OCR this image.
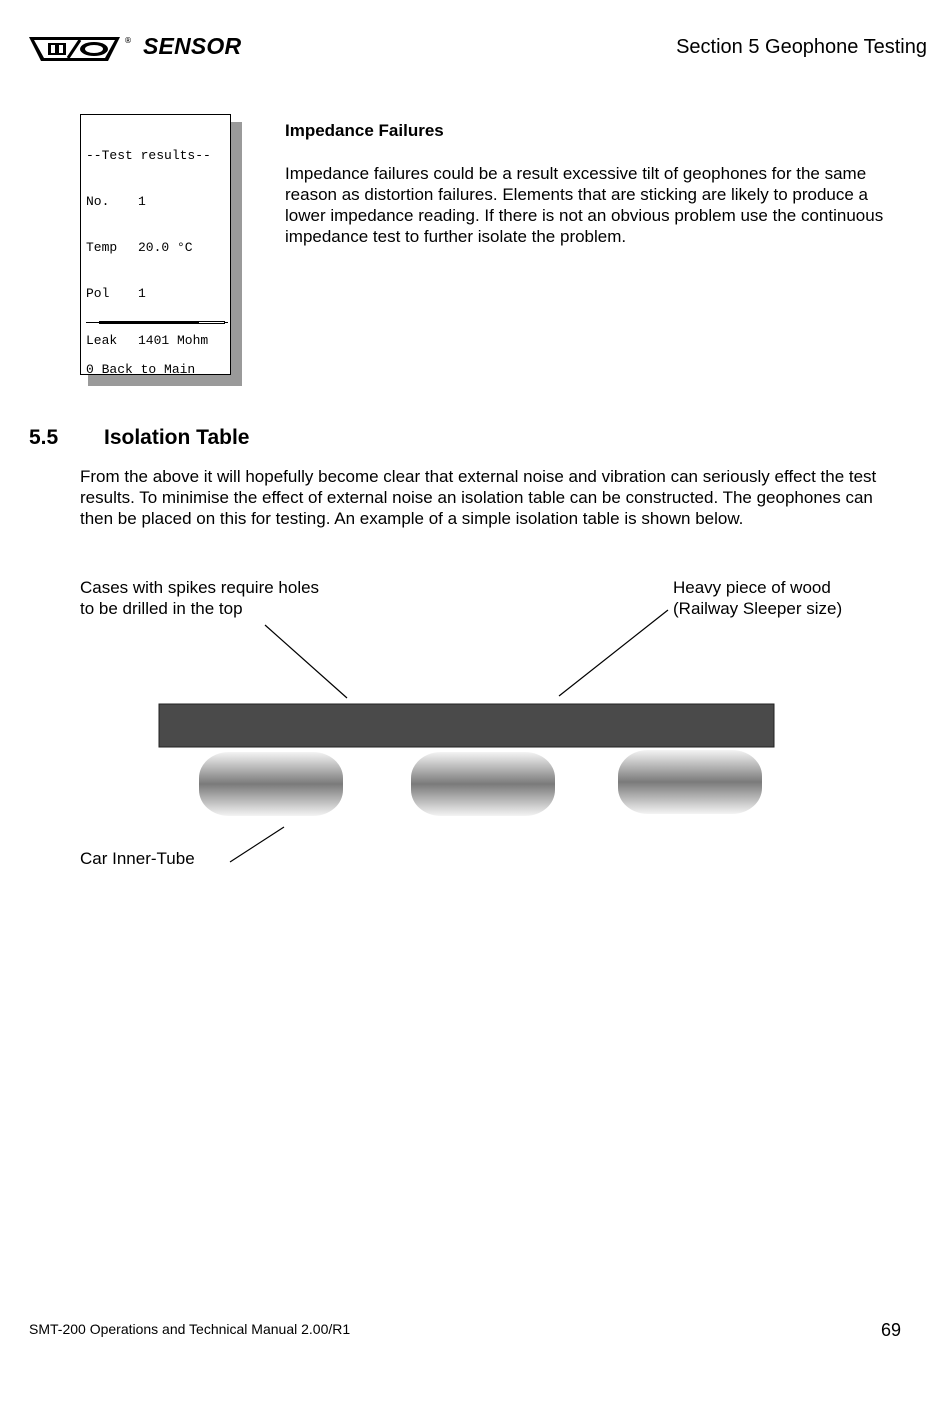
® SENSOR	Section 5 Geophone Testing

--Test results--

No. 1

Temp 20.0 °C

Pol 1

Leak 1401 Mohm

0 Back to Main

Impedance Failures
Impedance failures could be a result excessive tilt of geophones for the same reason as distortion failures. Elements that are sticking are likely to produce a lower impedance reading. If there is not an obvious problem use the continuous impedance test to further isolate the problem.
5.5 Isolation Table
From the above it will hopefully become clear that external noise and vibration can seriously effect the test results. To minimise the effect of external noise an isolation table can be constructed. The geophones can then be placed on this for testing. An example of a simple isolation table is shown below.
Cases with spikes require holes
to be drilled in the top
Heavy piece of wood
(Railway Sleeper size)
Car Inner-Tube
SMT-200 Operations and Technical Manual 2.00/R1	69
